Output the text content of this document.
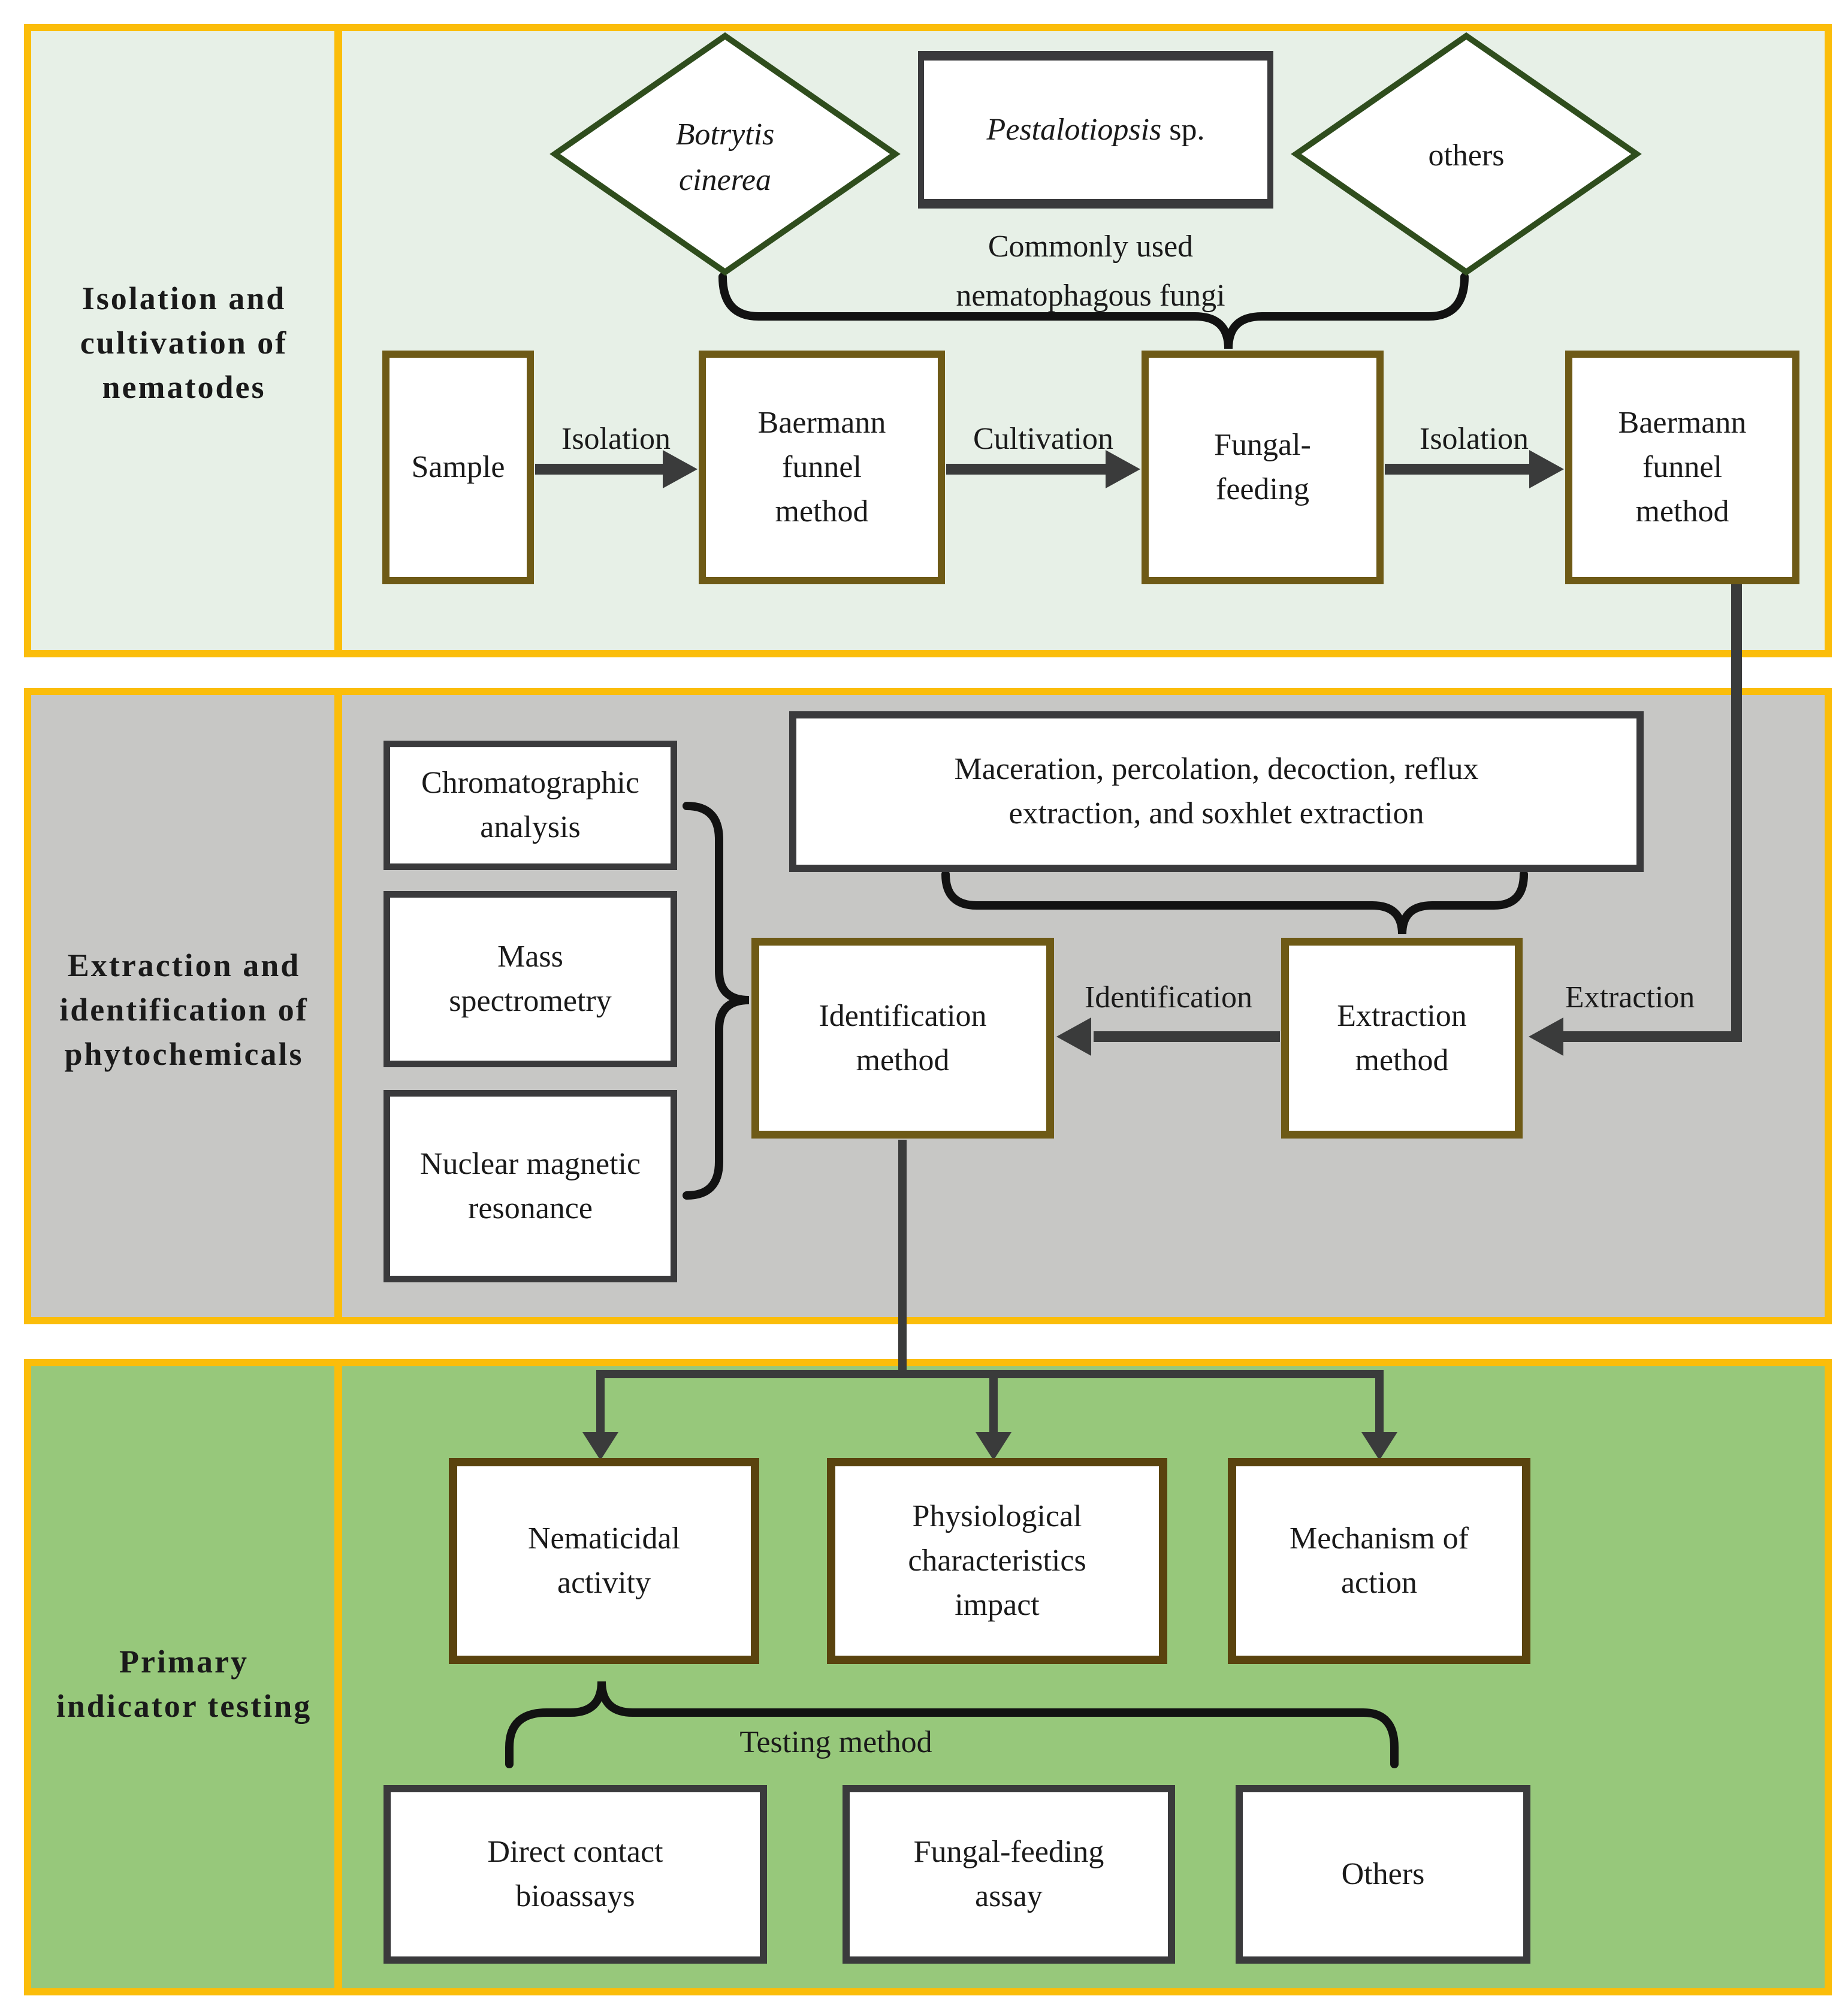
Isolation and
cultivation of
nematodes
Extraction and
identification of
phytochemicals
Primary
indicator testing
Botrytis
cinerea
others
Commonly used
nematophagous fungi
Pestalotiopsis sp.
Sample
Baermann
funnel
method
Fungal-
feeding
Baermann
funnel
method
Isolation	Cultivation	Isolation
Chromatographic
analysis
Mass
spectrometry
Nuclear magnetic
resonance
Maceration, percolation, decoction, reflux
extraction, and soxhlet extraction
Identification
method
Extraction
method
Identification	Extraction
Nematicidal
activity
Physiological
characteristics
impact
Mechanism of
action
Testing method
Direct contact
bioassays
Fungal-feeding
assay
Others
